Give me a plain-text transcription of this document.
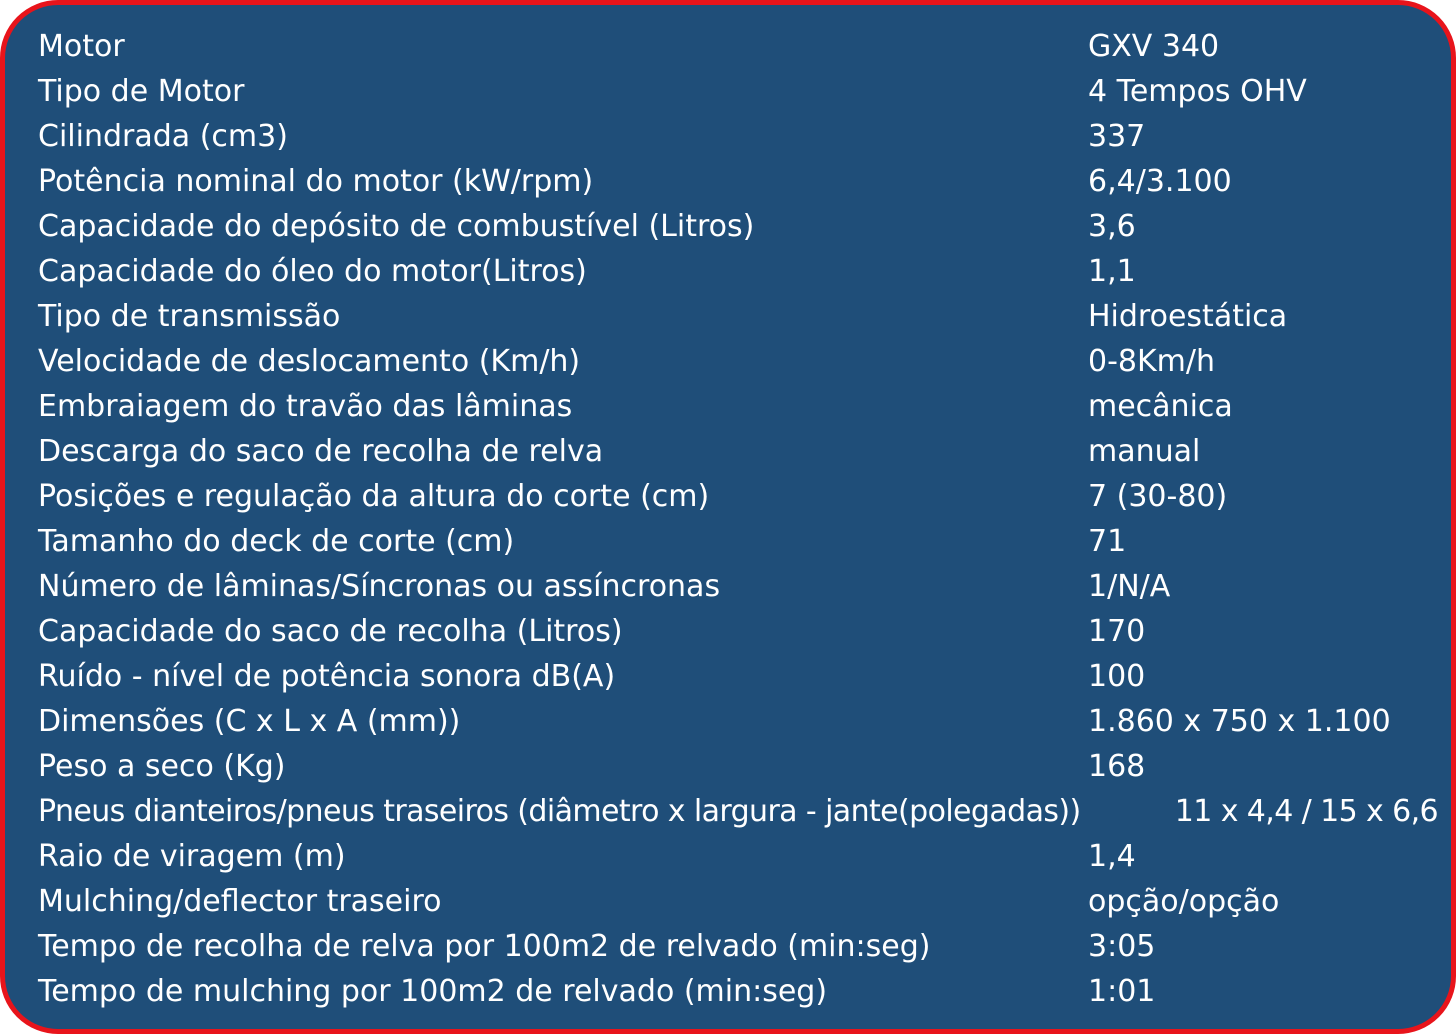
Motor	GXV 340
Tipo de Motor	4 Tempos OHV
Cilindrada (cm3)	337
Potência nominal do motor (kW/rpm)	6,4/3.100
Capacidade do depósito de combustível (Litros)	3,6
Capacidade do óleo do motor(Litros)	1,1
Tipo de transmissão	Hidroestática
Velocidade de deslocamento (Km/h)	0-8Km/h
Embraiagem do travão das lâminas	mecânica
Descarga do saco de recolha de relva	manual
Posições e regulação da altura do corte (cm)	7 (30-80)
Tamanho do deck de corte (cm)	71
Número de lâminas/Síncronas ou assíncronas	1/N/A
Capacidade do saco de recolha (Litros)	170
Ruído - nível de potência sonora dB(A)	100
Dimensões (C x L x A (mm))	1.860 x 750 x 1.100
Peso a seco (Kg)	168
Pneus dianteiros/pneus traseiros (diâmetro x largura - jante(polegadas))	11 x 4,4 / 15 x 6,6
Raio de viragem (m)	1,4
Mulching/deflector traseiro	opção/opção
Tempo de recolha de relva por 100m2 de relvado (min:seg)	3:05
Tempo de mulching por 100m2 de relvado (min:seg)	1:01
